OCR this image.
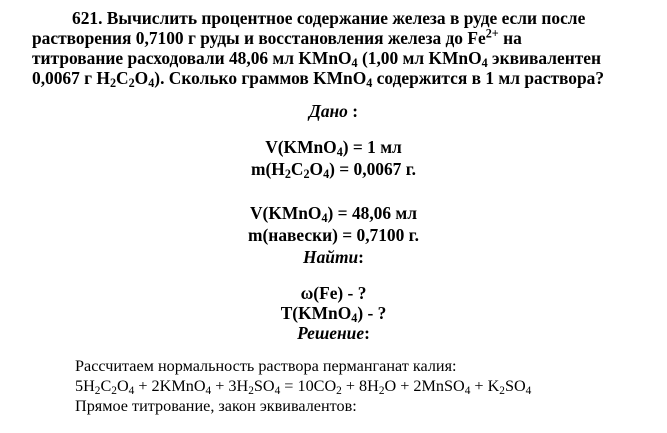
621. Вычислить процентное содержание железа в руде если после

растворения 0,7100 г руды и восстановления железа до $Fe^{2+}$ на

титрование расходовали 48,06 мл KMnO$_4$ (1,00 мл KMnO$_4$ эквивалентен

0,0067 г $H_2C_2O_4$). Сколько граммов KMnO$_4$ содержится в 1 мл раствора?

Дано :
V(KMnO$_4$) = 1 мл
$m(H_2C_2O_4) = 0,0067$ г.
V(KMnO$_4$) = 48,06 мл
m(навески) = 0,7100 г.
Найти:
ω(Fe) - ?
T(KMnO$_4$) - ?
Решение:
Рассчитаем нормальность раствора перманганат калия:
$5H_2C_2O_4$ + 2KMnO$_4$ + $3H_2SO_4 = 10CO_2 + 8H_2O$ + 2MnSO$_4$ + $K_2SO_4$
Прямое титрование, закон эквивалентов:
